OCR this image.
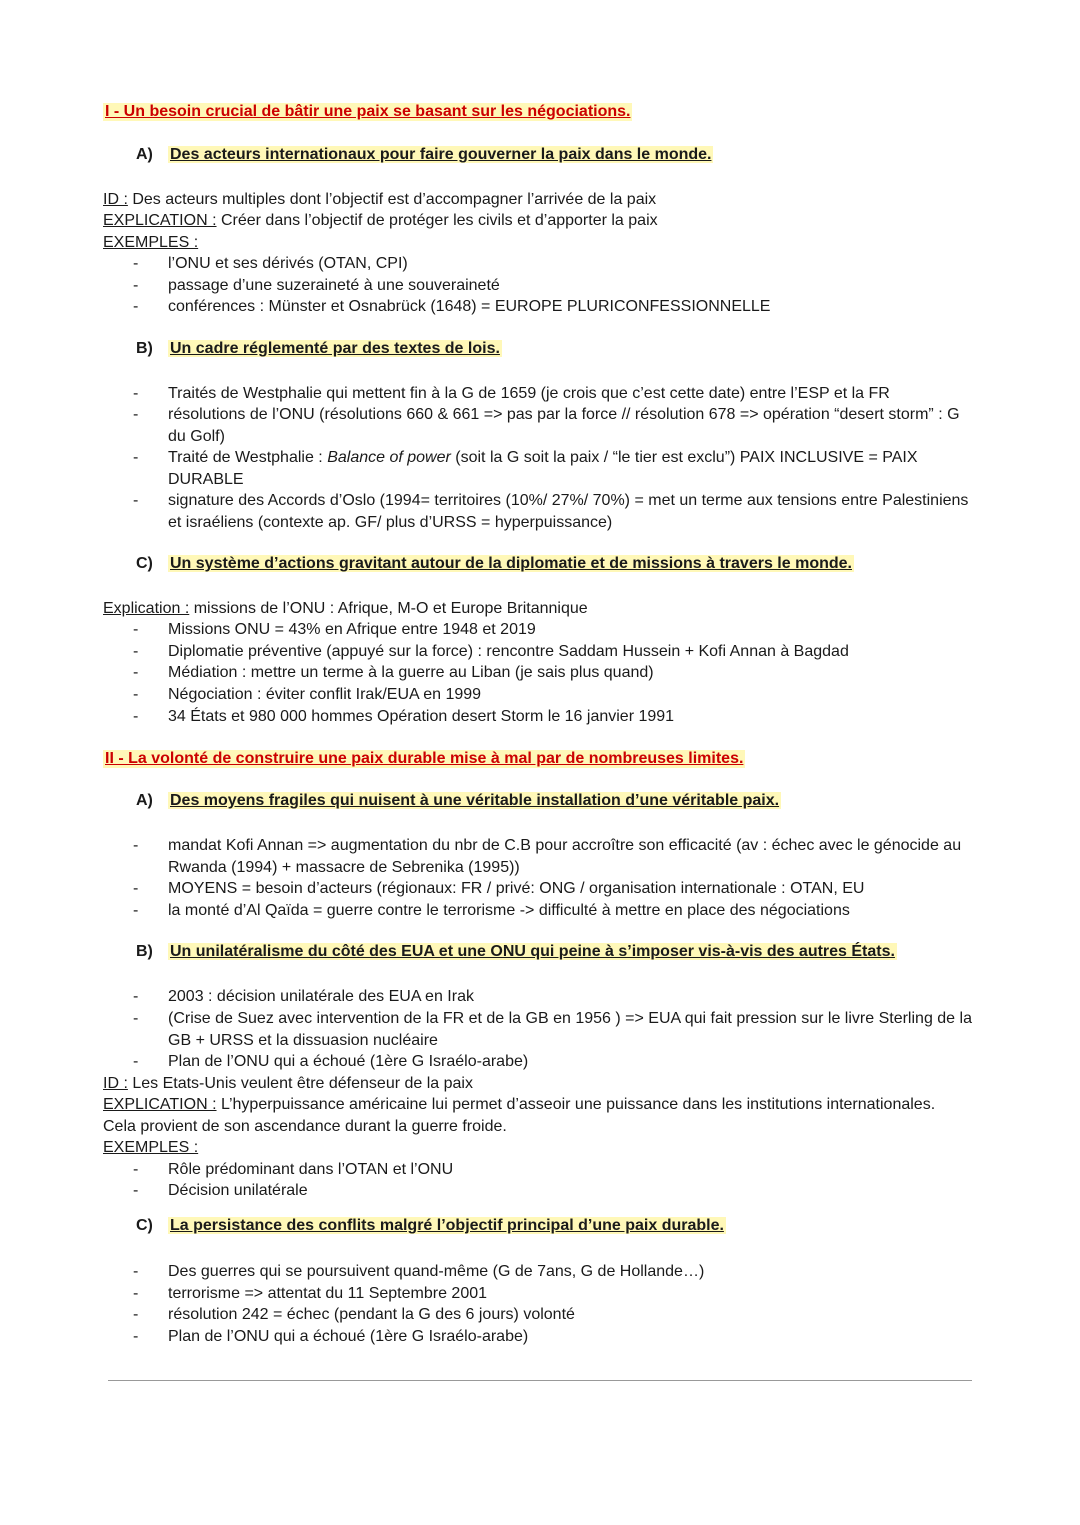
I - Un besoin crucial de bâtir une paix se basant sur les négociations.
A) Des acteurs internationaux pour faire gouverner la paix dans le monde.
ID : Des acteurs multiples dont l’objectif est d’accompagner l’arrivée de la paix
EXPLICATION : Créer dans l’objectif de protéger les civils et d’apporter la paix
EXEMPLES :
- l’ONU et ses dérivés (OTAN, CPI)
- passage d’une suzeraineté à une souveraineté
- conférences : Münster et Osnabrück (1648) = EUROPE PLURICONFESSIONNELLE
B) Un cadre réglementé par des textes de lois.
- Traités de Westphalie qui mettent fin à la G de 1659 (je crois que c’est cette date) entre l’ESP et la FR
- résolutions de l’ONU (résolutions 660 & 661 => pas par la force // résolution 678 => opération “desert storm” : G du Golf)
- Traité de Westphalie : Balance of power (soit la G soit la paix / “le tier est exclu”) PAIX INCLUSIVE = PAIX DURABLE
- signature des Accords d’Oslo (1994= territoires (10%/ 27%/ 70%) = met un terme aux tensions entre Palestiniens et israéliens (contexte ap. GF/ plus d’URSS = hyperpuissance)
C) Un système d’actions gravitant autour de la diplomatie et de missions à travers le monde.
Explication : missions de l’ONU : Afrique, M-O et Europe Britannique
- Missions ONU = 43% en Afrique entre 1948 et 2019
- Diplomatie préventive (appuyé sur la force) : rencontre Saddam Hussein + Kofi Annan à Bagdad
- Médiation : mettre un terme à la guerre au Liban (je sais plus quand)
- Négociation : éviter conflit Irak/EUA en 1999
- 34 États et 980 000 hommes Opération desert Storm le 16 janvier 1991
II - La volonté de construire une paix durable mise à mal par de nombreuses limites.
A) Des moyens fragiles qui nuisent à une véritable installation d’une véritable paix.
- mandat Kofi Annan => augmentation du nbr de C.B pour accroître son efficacité (av : échec avec le génocide au Rwanda (1994) + massacre de Sebrenika (1995))
- MOYENS = besoin d’acteurs (régionaux: FR / privé: ONG / organisation internationale : OTAN, EU
- la monté d’Al Qaïda = guerre contre le terrorisme -> difficulté à mettre en place des négociations
B) Un unilatéralisme du côté des EUA et une ONU qui peine à s’imposer vis-à-vis des autres États.
- 2003 : décision unilatérale des EUA en Irak
- (Crise de Suez avec intervention de la FR et de la GB en 1956 ) => EUA qui fait pression sur le livre Sterling de la GB + URSS et la dissuasion nucléaire
- Plan de l’ONU qui a échoué (1ère G Israélo-arabe)
ID : Les Etats-Unis veulent être défenseur de la paix
EXPLICATION : L’hyperpuissance américaine lui permet d’asseoir une puissance dans les institutions internationales.
Cela provient de son ascendance durant la guerre froide.
EXEMPLES :
- Rôle prédominant dans l’OTAN et l’ONU
- Décision unilatérale
C) La persistance des conflits malgré l’objectif principal d’une paix durable.
- Des guerres qui se poursuivent quand-même (G de 7ans, G de Hollande…)
- terrorisme => attentat du 11 Septembre 2001
- résolution 242 = échec (pendant la G des 6 jours) volonté
- Plan de l’ONU qui a échoué (1ère G Israélo-arabe)
